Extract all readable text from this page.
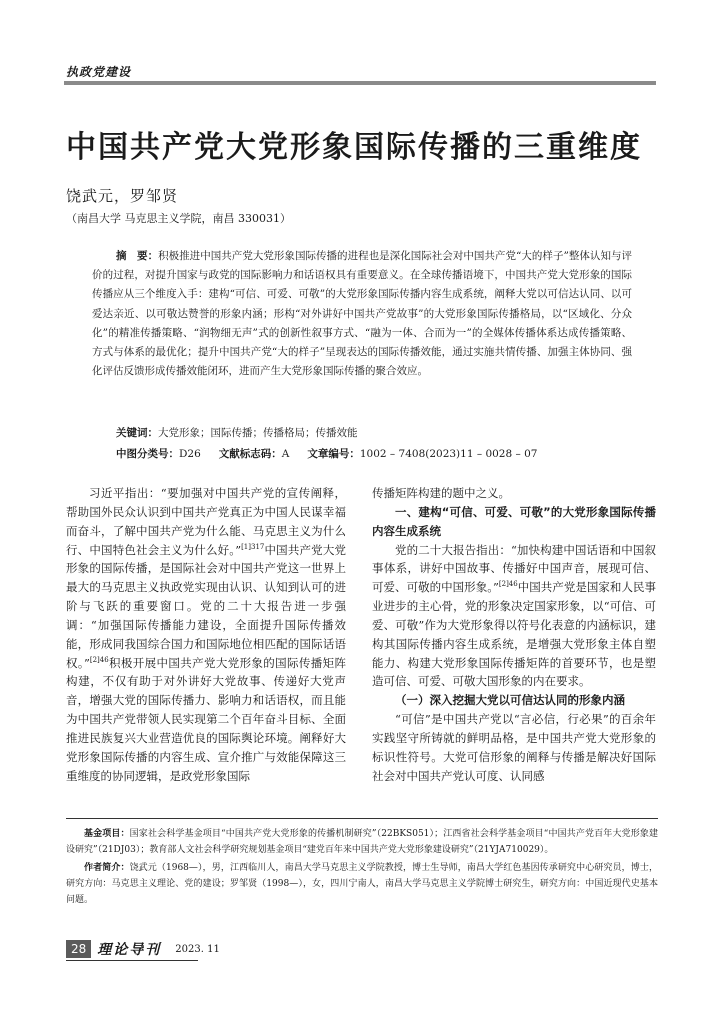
执政党建设
中国共产党大党形象国际传播的三重维度
饶武元，罗邹贤
（南昌大学 马克思主义学院，南昌 330031）
摘　要：积极推进中国共产党大党形象国际传播的进程也是深化国际社会对中国共产党“大的样子”整体认知与评价的过程，对提升国家与政党的国际影响力和话语权具有重要意义。在全球传播语境下，中国共产党大党形象的国际传播应从三个维度入手：建构“可信、可爱、可敬”的大党形象国际传播内容生成系统，阐释大党以可信达认同、以可爱达亲近、以可敬达赞誉的形象内涵；形构“对外讲好中国共产党故事”的大党形象国际传播格局，以“区域化、分众化”的精准传播策略、“润物细无声”式的创新性叙事方式、“融为一体、合而为一”的全媒体传播体系达成传播策略、方式与体系的最优化；提升中国共产党“大的样子”呈现表达的国际传播效能，通过实施共情传播、加强主体协同、强化评估反馈形成传播效能闭环，进而产生大党形象国际传播的聚合效应。
关键词：大党形象；国际传播；传播格局；传播效能
中图分类号：D26 文献标志码：A 文章编号：1002 – 7408(2023)11 – 0028 – 07

习近平指出：“要加强对中国共产党的宣传阐释，帮助国外民众认识到中国共产党真正为中国人民谋幸福而奋斗，了解中国共产党为什么能、马克思主义为什么行、中国特色社会主义为什么好。”$^{[1]317}$中国共产党大党形象的国际传播，是国际社会对中国共产党这一世界上最大的马克思主义执政党实现由认识、认知到认可的进阶与飞跃的重要窗口。党的二十大报告进一步强调：“加强国际传播能力建设，全面提升国际传播效能，形成同我国综合国力和国际地位相匹配的国际话语权。”$^{[2]46}$积极开展中国共产党大党形象的国际传播矩阵构建，不仅有助于对外讲好大党故事、传递好大党声音，增强大党的国际传播力、影响力和话语权，而且能为中国共产党带领人民实现第二个百年奋斗目标、全面推进民族复兴大业营造优良的国际舆论环境。阐释好大党形象国际传播的内容生成、宣介推广与效能保障这三重维度的协同逻辑，是政党形象国际

传播矩阵构建的题中之义。

一、建构“可信、可爱、可敬”的大党形象国际传播内容生成系统

党的二十大报告指出：“加快构建中国话语和中国叙事体系，讲好中国故事、传播好中国声音，展现可信、可爱、可敬的中国形象。”$^{[2]46}$中国共产党是国家和人民事业进步的主心骨，党的形象决定国家形象，以“可信、可爱、可敬”作为大党形象得以符号化表意的内涵标识，建构其国际传播内容生成系统，是增强大党形象主体自塑能力、构建大党形象国际传播矩阵的首要环节，也是塑造可信、可爱、可敬大国形象的内在要求。

（一）深入挖掘大党以可信达认同的形象内涵

“可信”是中国共产党以“言必信，行必果”的百余年实践坚守所铸就的鲜明品格，是中国共产党大党形象的标识性符号。大党可信形象的阐释与传播是解决好国际社会对中国共产党认可度、认同感

基金项目：国家社会科学基金项目“中国共产党大党形象的传播机制研究”（22BKS051）；江西省社会科学基金项目“中国共产党百年大党形象建设研究”（21DJ03）；教育部人文社会科学研究规划基金项目“建党百年来中国共产党大党形象建设研究”（21YJA710029）。

作者简介：饶武元（1968—），男，江西临川人，南昌大学马克思主义学院教授，博士生导师，南昌大学红色基因传承研究中心研究员，博士，研究方向：马克思主义理论、党的建设；罗邹贤（1998—），女，四川宁南人，南昌大学马克思主义学院博士研究生，研究方向：中国近现代史基本问题。

28 理论导刊 2023. 11
